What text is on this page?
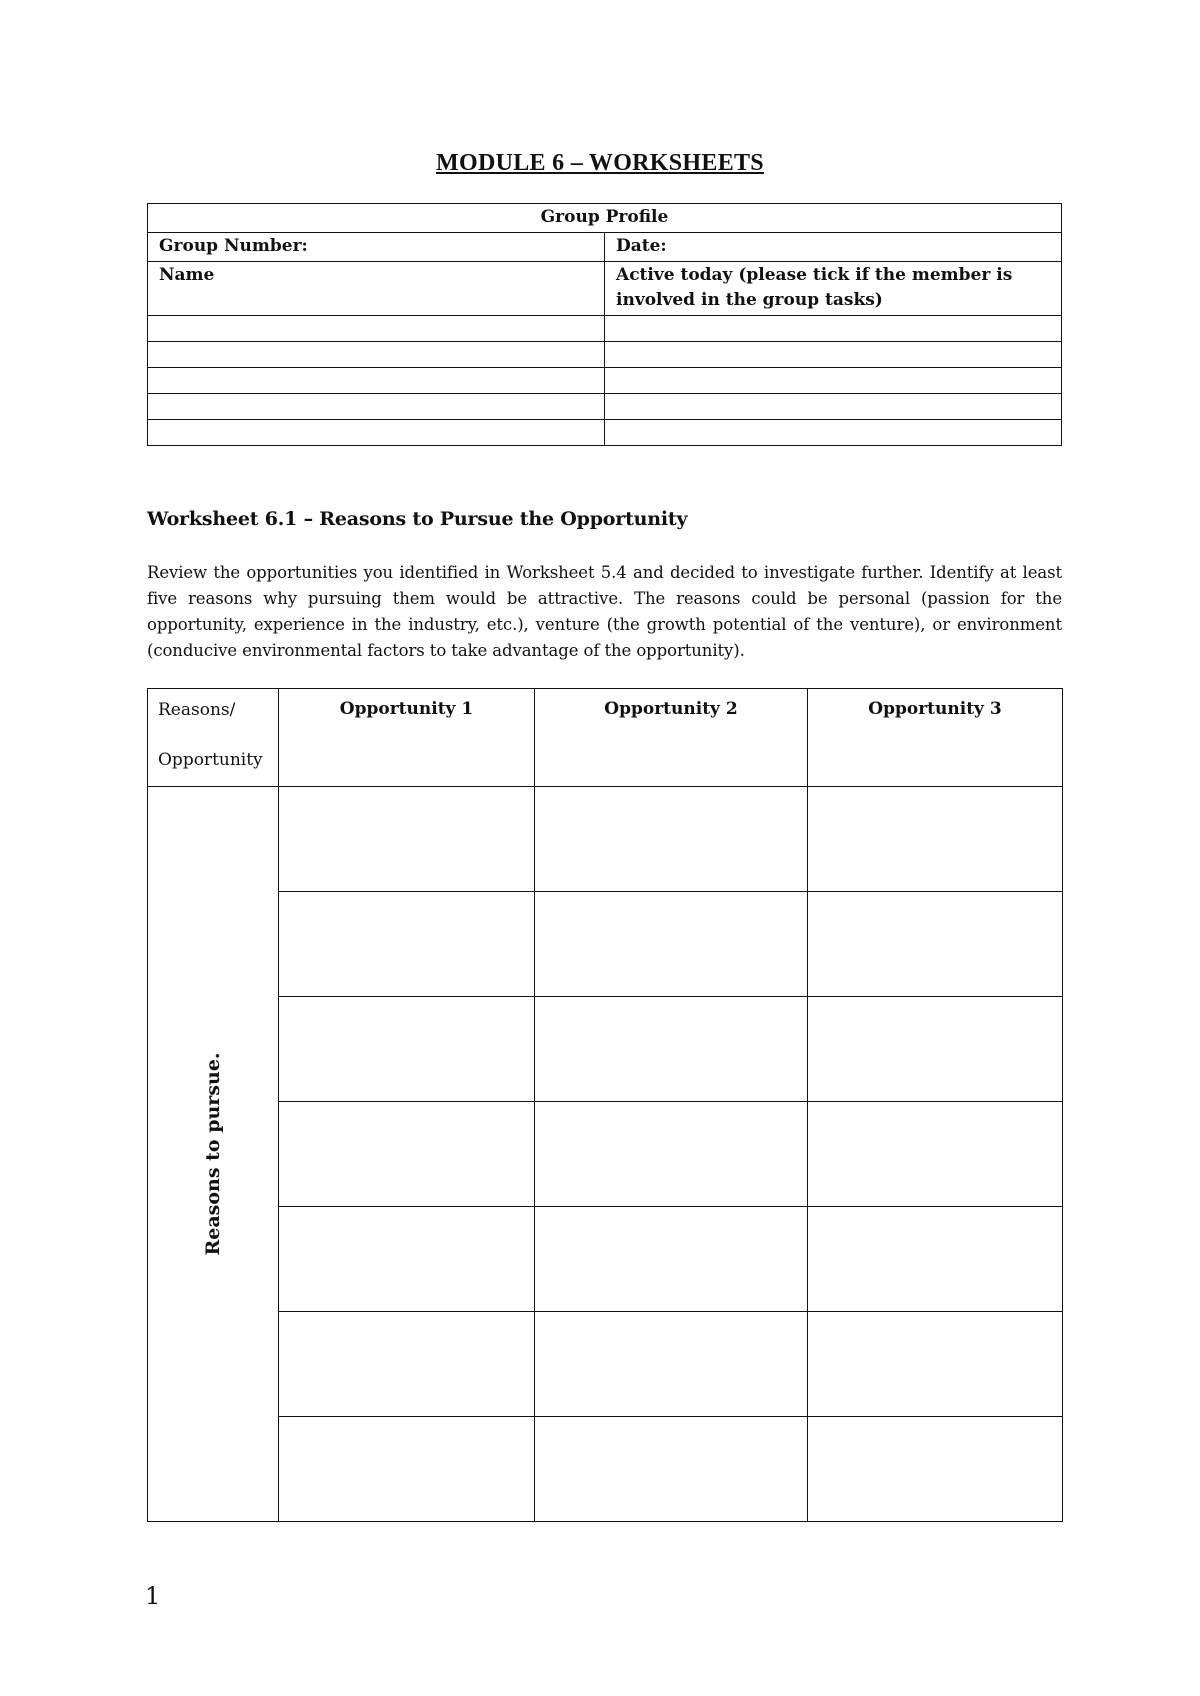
MODULE 6 – WORKSHEETS
Group Profile	
Group Number:	Date:
Name	Active today (please tick if the member is involved in the group tasks)

Worksheet 6.1 – Reasons to Pursue the Opportunity

Review the opportunities you identified in Worksheet 5.4 and decided to investigate further. Identify at least five reasons why pursuing them would be attractive. The reasons could be personal (passion for the opportunity, experience in the industry, etc.), venture (the growth potential of the venture), or environment (conducive environmental factors to take advantage of the opportunity).

Reasons/
Opportunity	Opportunity 1	Opportunity 2	Opportunity 3

Reasons to pursue.			

1
